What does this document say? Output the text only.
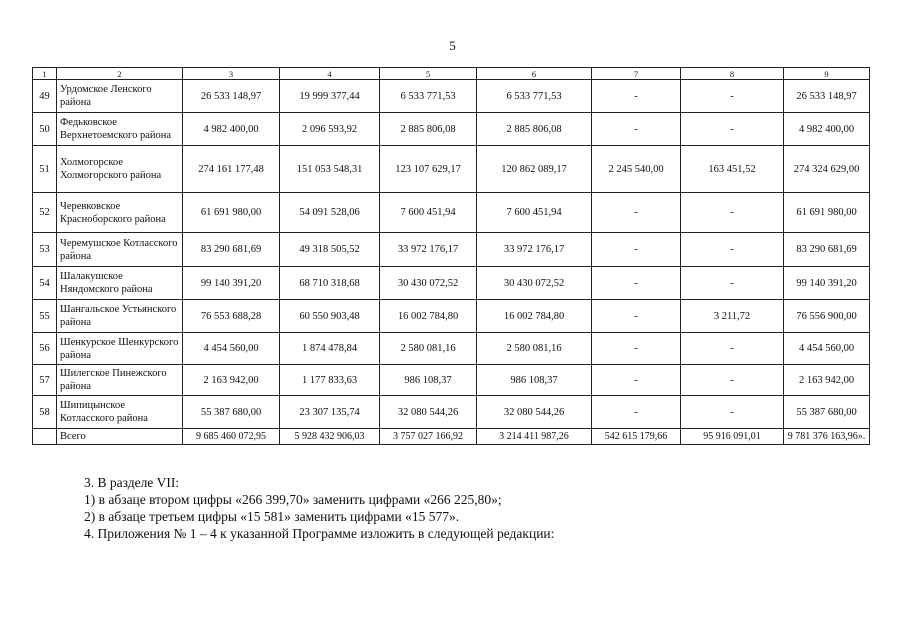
5
1	2	3	4	5	6	7	8	9
49	Урдомское Ленского района	26 533 148,97	19 999 377,44	6 533 771,53	6 533 771,53	-	-	26 533 148,97
50	Федьковское Верхнетоемского района	4 982 400,00	2 096 593,92	2 885 806,08	2 885 806,08	-	-	4 982 400,00
51	Холмогорское Холмогорского района	274 161 177,48	151 053 548,31	123 107 629,17	120 862 089,17	2 245 540,00	163 451,52	274 324 629,00
52	Черевковское Красноборского района	61 691 980,00	54 091 528,06	7 600 451,94	7 600 451,94	-	-	61 691 980,00
53	Черемушское Котласского района	83 290 681,69	49 318 505,52	33 972 176,17	33 972 176,17	-	-	83 290 681,69
54	Шалакушское Няндомского района	99 140 391,20	68 710 318,68	30 430 072,52	30 430 072,52	-	-	99 140 391,20
55	Шангальское Устьянского района	76 553 688,28	60 550 903,48	16 002 784,80	16 002 784,80	-	3 211,72	76 556 900,00
56	Шенкурское Шенкурского района	4 454 560,00	1 874 478,84	2 580 081,16	2 580 081,16	-	-	4 454 560,00
57	Шилегское Пинежского района	2 163 942,00	1 177 833,63	986 108,37	986 108,37	-	-	2 163 942,00
58	Шипицынское Котласского района	55 387 680,00	23 307 135,74	32 080 544,26	32 080 544,26	-	-	55 387 680,00
	Всего	9 685 460 072,95	5 928 432 906,03	3 757 027 166,92	3 214 411 987,26	542 615 179,66	95 916 091,01	9 781 376 163,96».
3. В разделе VII:
1) в абзаце втором цифры «266 399,70» заменить цифрами «266 225,80»;
2) в абзаце третьем цифры «15 581» заменить цифрами «15 577».
4. Приложения № 1 – 4 к указанной Программе изложить в следующей редакции:
